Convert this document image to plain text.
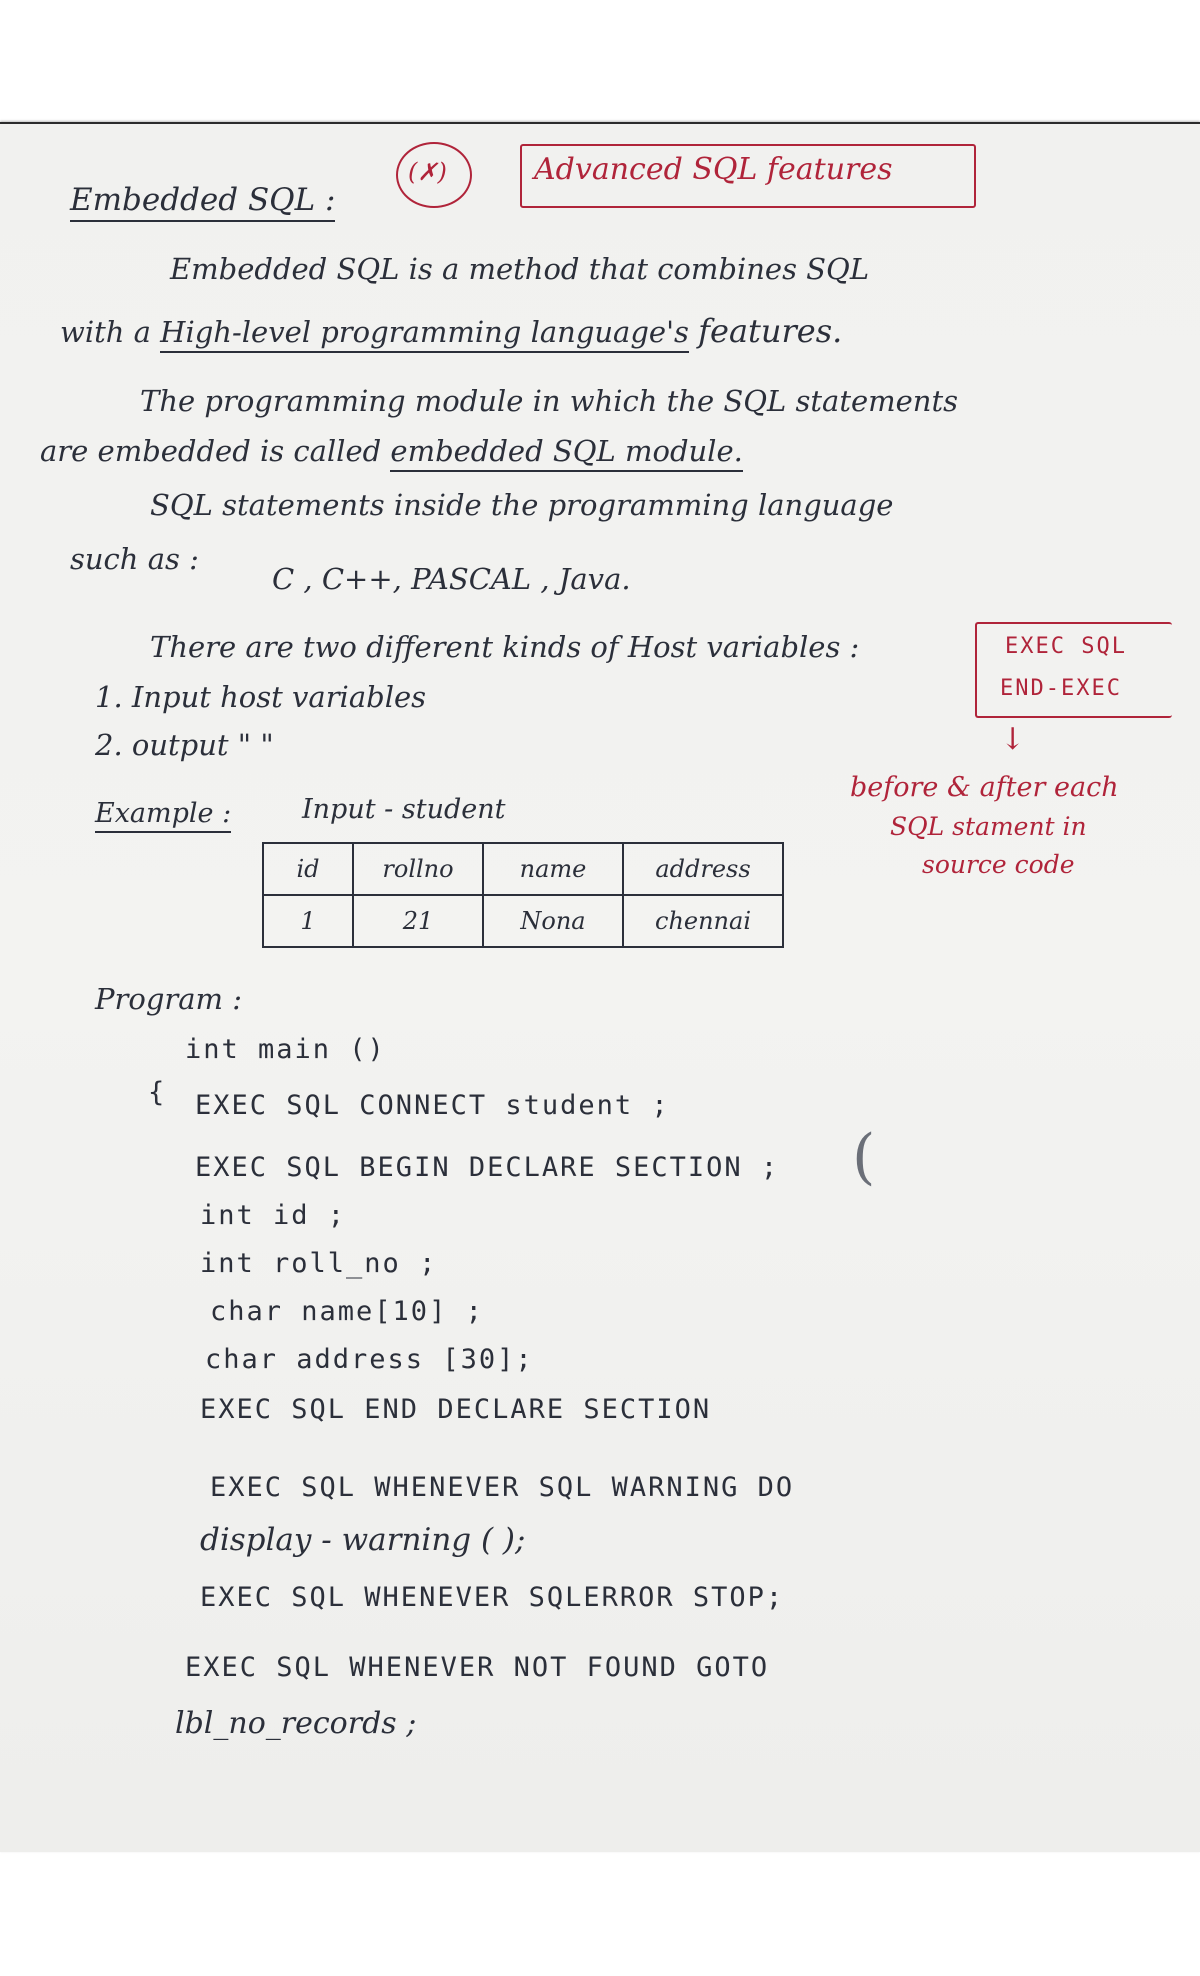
Embedded SQL :
(✗)	Advanced SQL features
Embedded SQL is a method that combines SQL
with a High-level programming language's features.
The programming module in which the SQL statements
are embedded is called embedded SQL module.
SQL statements inside the programming language
such as :
C , C++, PASCAL , Java.
There are two different kinds of Host variables :
1. Input host variables
2. output " "
EXEC SQL
END-EXEC
↓
before & after each
SQL stament in
source code
Example :	Input - student
id	rollno	name	address
1	21	Nona	chennai
Program :
int main ()
{ EXEC SQL CONNECT student ;
EXEC SQL BEGIN DECLARE SECTION ;
int id ;
int roll_no ;
char name[10] ;
char address [30];
EXEC SQL END DECLARE SECTION
EXEC SQL WHENEVER SQL WARNING DO
display - warning ( );
EXEC SQL WHENEVER SQLERROR STOP;
EXEC SQL WHENEVER NOT FOUND GOTO
lbl_no_records ;
(
